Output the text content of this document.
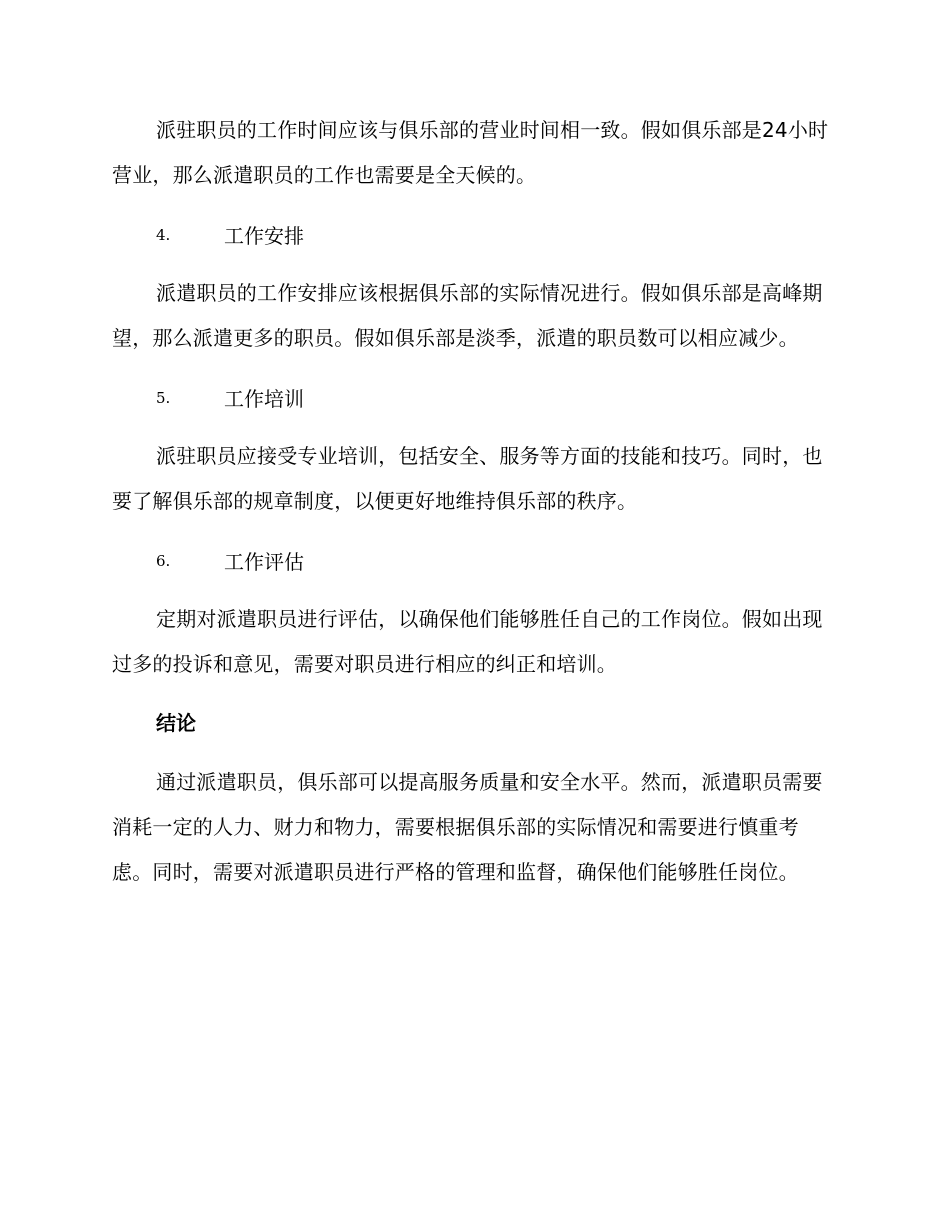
派驻职员的工作时间应该与俱乐部的营业时间相一致。假如俱乐部是24小时营业，那么派遣职员的工作也需要是全天候的。

4.	工作安排

派遣职员的工作安排应该根据俱乐部的实际情况进行。假如俱乐部是高峰期望，那么派遣更多的职员。假如俱乐部是淡季，派遣的职员数可以相应减少。

5.	工作培训

派驻职员应接受专业培训，包括安全、服务等方面的技能和技巧。同时，也要了解俱乐部的规章制度，以便更好地维持俱乐部的秩序。

6.	工作评估

定期对派遣职员进行评估，以确保他们能够胜任自己的工作岗位。假如出现过多的投诉和意见，需要对职员进行相应的纠正和培训。

结论

通过派遣职员，俱乐部可以提高服务质量和安全水平。然而，派遣职员需要消耗一定的人力、财力和物力，需要根据俱乐部的实际情况和需要进行慎重考虑。同时，需要对派遣职员进行严格的管理和监督，确保他们能够胜任岗位。
